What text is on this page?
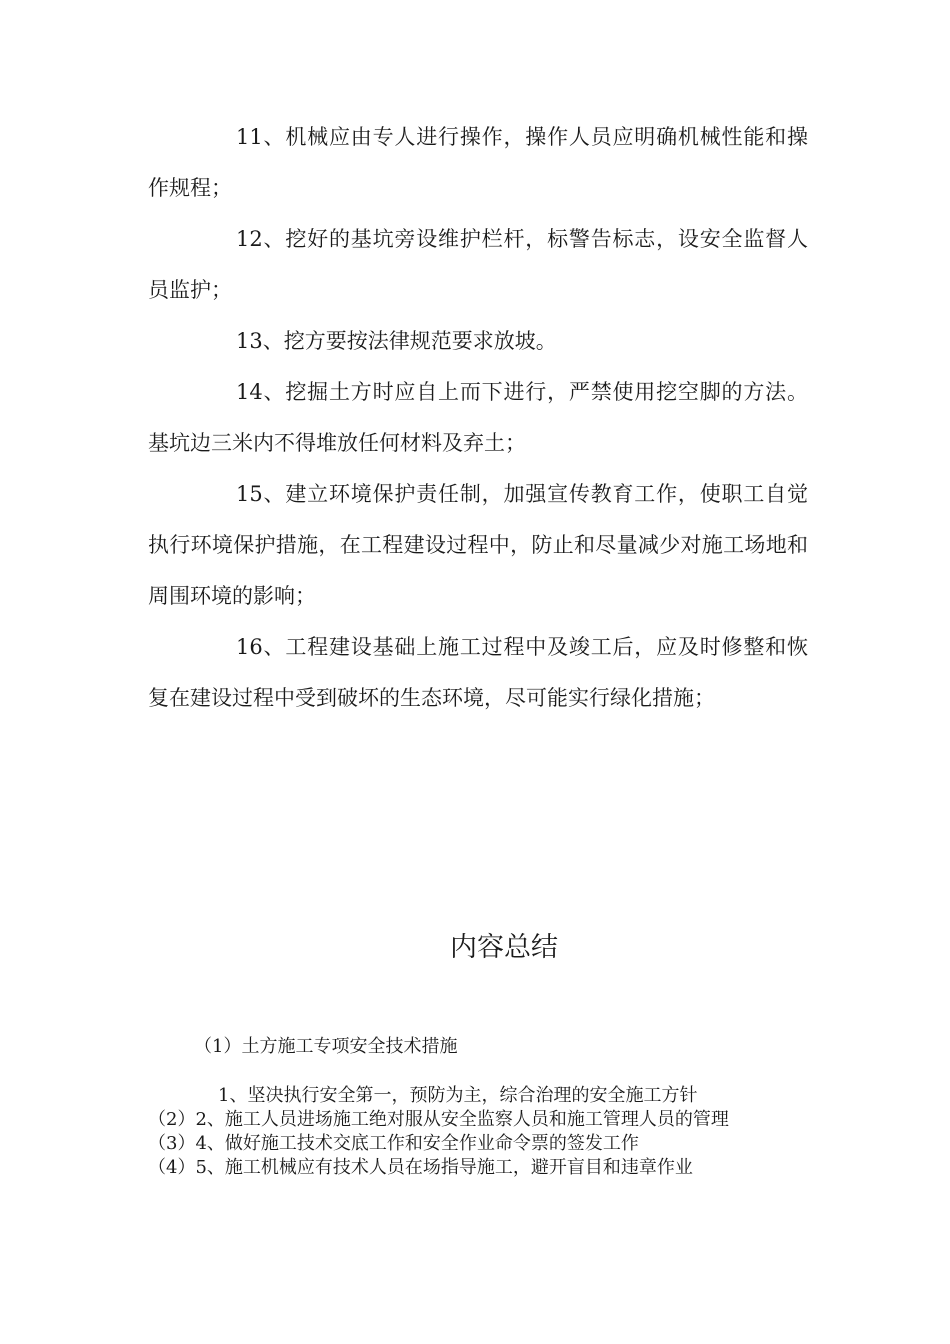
11、机械应由专人进行操作，操作人员应明确机械性能和操作规程；

12、挖好的基坑旁设维护栏杆，标警告标志，设安全监督人员监护；

13、挖方要按法律规范要求放坡。

14、挖掘土方时应自上而下进行，严禁使用挖空脚的方法。基坑边三米内不得堆放任何材料及弃土；

15、建立环境保护责任制，加强宣传教育工作，使职工自觉执行环境保护措施，在工程建设过程中，防止和尽量减少对施工场地和周围环境的影响；

16、工程建设基础上施工过程中及竣工后，应及时修整和恢复在建设过程中受到破坏的生态环境，尽可能实行绿化措施；

内容总结

（1）土方施工专项安全技术措施

1、坚决执行安全第一，预防为主，综合治理的安全施工方针

（2）2、施工人员进场施工绝对服从安全监察人员和施工管理人员的管理

（3）4、做好施工技术交底工作和安全作业命令票的签发工作

（4）5、施工机械应有技术人员在场指导施工，避开盲目和违章作业
